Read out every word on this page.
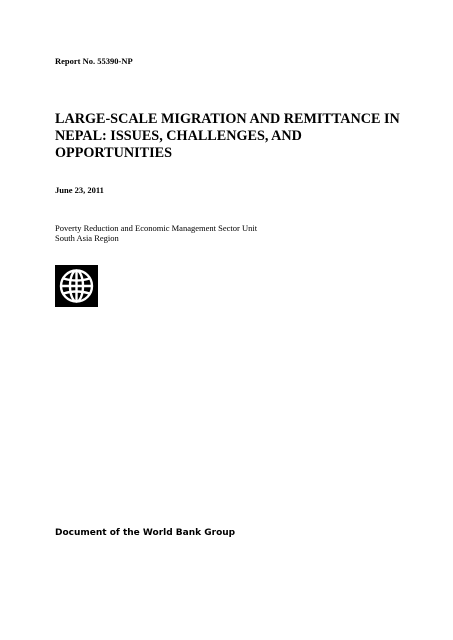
Report No. 55390-NP
LARGE-SCALE MIGRATION AND REMITTANCE IN
NEPAL: ISSUES, CHALLENGES, AND
OPPORTUNITIES
June 23, 2011
Poverty Reduction and Economic Management Sector Unit
South Asia Region
Document of the World Bank Group
